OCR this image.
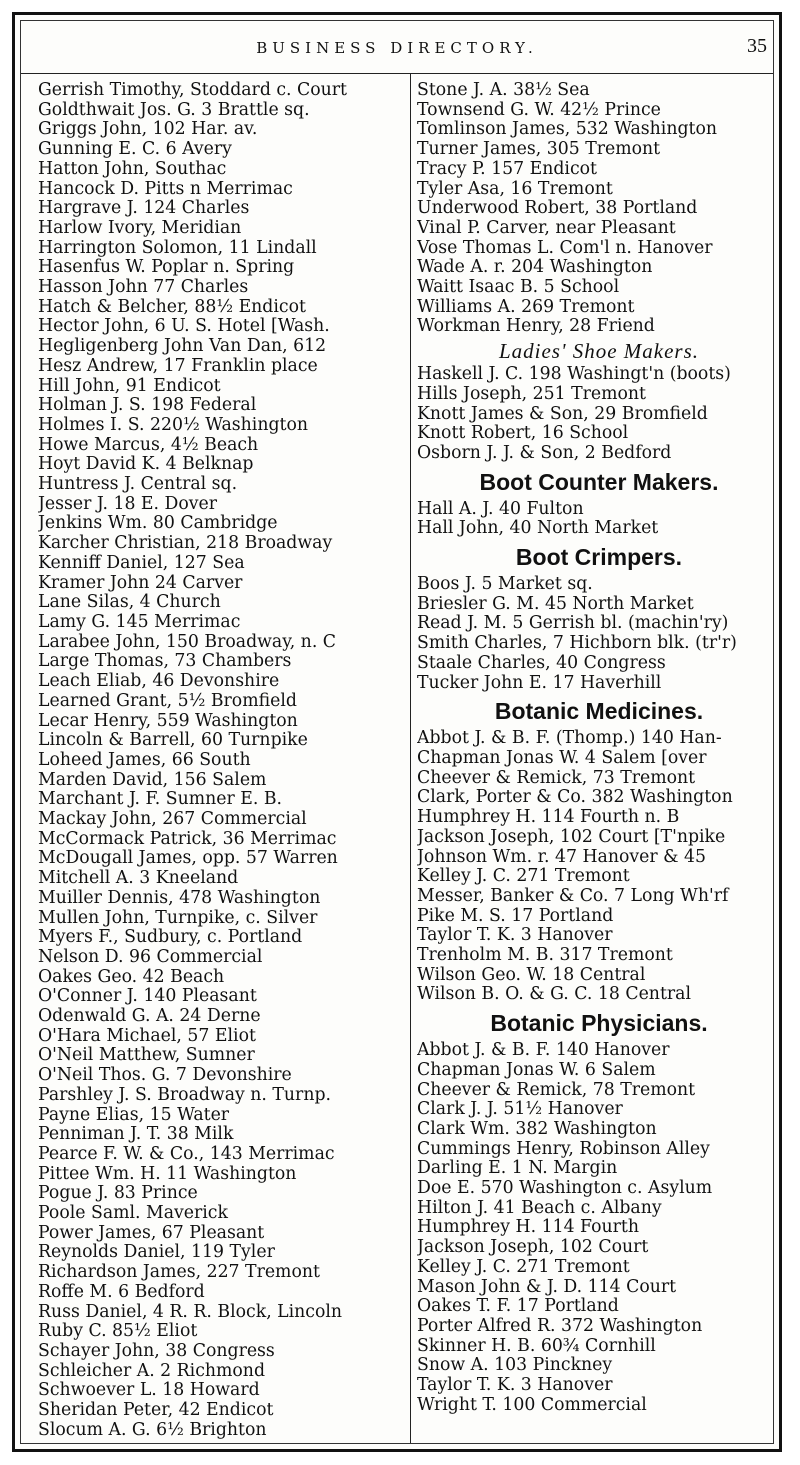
BUSINESS DIRECTORY.	35
Gerrish Timothy, Stoddard c. Court
Goldthwait Jos. G. 3 Brattle sq.
Griggs John, 102 Har. av.
Gunning E. C. 6 Avery
Hatton John, Southac
Hancock D. Pitts n Merrimac
Hargrave J. 124 Charles
Harlow Ivory, Meridian
Harrington Solomon, 11 Lindall
Hasenfus W. Poplar n. Spring
Hasson John 77 Charles
Hatch & Belcher, 88½ Endicot
Hector John, 6 U. S. Hotel [Wash.
Hegligenberg John Van Dan, 612
Hesz Andrew, 17 Franklin place
Hill John, 91 Endicot
Holman J. S. 198 Federal
Holmes I. S. 220½ Washington
Howe Marcus, 4½ Beach
Hoyt David K. 4 Belknap
Huntress J. Central sq.
Jesser J. 18 E. Dover
Jenkins Wm. 80 Cambridge
Karcher Christian, 218 Broadway
Kenniff Daniel, 127 Sea
Kramer John 24 Carver
Lane Silas, 4 Church
Lamy G. 145 Merrimac
Larabee John, 150 Broadway, n. C
Large Thomas, 73 Chambers
Leach Eliab, 46 Devonshire
Learned Grant, 5½ Bromfield
Lecar Henry, 559 Washington
Lincoln & Barrell, 60 Turnpike
Loheed James, 66 South
Marden David, 156 Salem
Marchant J. F. Sumner E. B.
Mackay John, 267 Commercial
McCormack Patrick, 36 Merrimac
McDougall James, opp. 57 Warren
Mitchell A. 3 Kneeland
Muiller Dennis, 478 Washington
Mullen John, Turnpike, c. Silver
Myers F., Sudbury, c. Portland
Nelson D. 96 Commercial
Oakes Geo. 42 Beach
O'Conner J. 140 Pleasant
Odenwald G. A. 24 Derne
O'Hara Michael, 57 Eliot
O'Neil Matthew, Sumner
O'Neil Thos. G. 7 Devonshire
Parshley J. S. Broadway n. Turnp.
Payne Elias, 15 Water
Penniman J. T. 38 Milk
Pearce F. W. & Co., 143 Merrimac
Pittee Wm. H. 11 Washington
Pogue J. 83 Prince
Poole Saml. Maverick
Power James, 67 Pleasant
Reynolds Daniel, 119 Tyler
Richardson James, 227 Tremont
Roffe M. 6 Bedford
Russ Daniel, 4 R. R. Block, Lincoln
Ruby C. 85½ Eliot
Schayer John, 38 Congress
Schleicher A. 2 Richmond
Schwoever L. 18 Howard
Sheridan Peter, 42 Endicot
Slocum A. G. 6½ Brighton
Stone J. A. 38½ Sea
Townsend G. W. 42½ Prince
Tomlinson James, 532 Washington
Turner James, 305 Tremont
Tracy P. 157 Endicot
Tyler Asa, 16 Tremont
Underwood Robert, 38 Portland
Vinal P. Carver, near Pleasant
Vose Thomas L. Com'l n. Hanover
Wade A. r. 204 Washington
Waitt Isaac B. 5 School
Williams A. 269 Tremont
Workman Henry, 28 Friend
Ladies' Shoe Makers.
Haskell J. C. 198 Washingt'n (boots)
Hills Joseph, 251 Tremont
Knott James & Son, 29 Bromfield
Knott Robert, 16 School
Osborn J. J. & Son, 2 Bedford
Boot Counter Makers.
Hall A. J. 40 Fulton
Hall John, 40 North Market
Boot Crimpers.
Boos J. 5 Market sq.
Briesler G. M. 45 North Market
Read J. M. 5 Gerrish bl. (machin'ry)
Smith Charles, 7 Hichborn blk. (tr'r)
Staale Charles, 40 Congress
Tucker John E. 17 Haverhill
Botanic Medicines.
Abbot J. & B. F. (Thomp.) 140 Han-
Chapman Jonas W. 4 Salem [over
Cheever & Remick, 73 Tremont
Clark, Porter & Co. 382 Washington
Humphrey H. 114 Fourth n. B
Jackson Joseph, 102 Court [T'npike
Johnson Wm. r. 47 Hanover & 45
Kelley J. C. 271 Tremont
Messer, Banker & Co. 7 Long Wh'rf
Pike M. S. 17 Portland
Taylor T. K. 3 Hanover
Trenholm M. B. 317 Tremont
Wilson Geo. W. 18 Central
Wilson B. O. & G. C. 18 Central
Botanic Physicians.
Abbot J. & B. F. 140 Hanover
Chapman Jonas W. 6 Salem
Cheever & Remick, 78 Tremont
Clark J. J. 51½ Hanover
Clark Wm. 382 Washington
Cummings Henry, Robinson Alley
Darling E. 1 N. Margin
Doe E. 570 Washington c. Asylum
Hilton J. 41 Beach c. Albany
Humphrey H. 114 Fourth
Jackson Joseph, 102 Court
Kelley J. C. 271 Tremont
Mason John & J. D. 114 Court
Oakes T. F. 17 Portland
Porter Alfred R. 372 Washington
Skinner H. B. 60¾ Cornhill
Snow A. 103 Pinckney
Taylor T. K. 3 Hanover
Wright T. 100 Commercial
